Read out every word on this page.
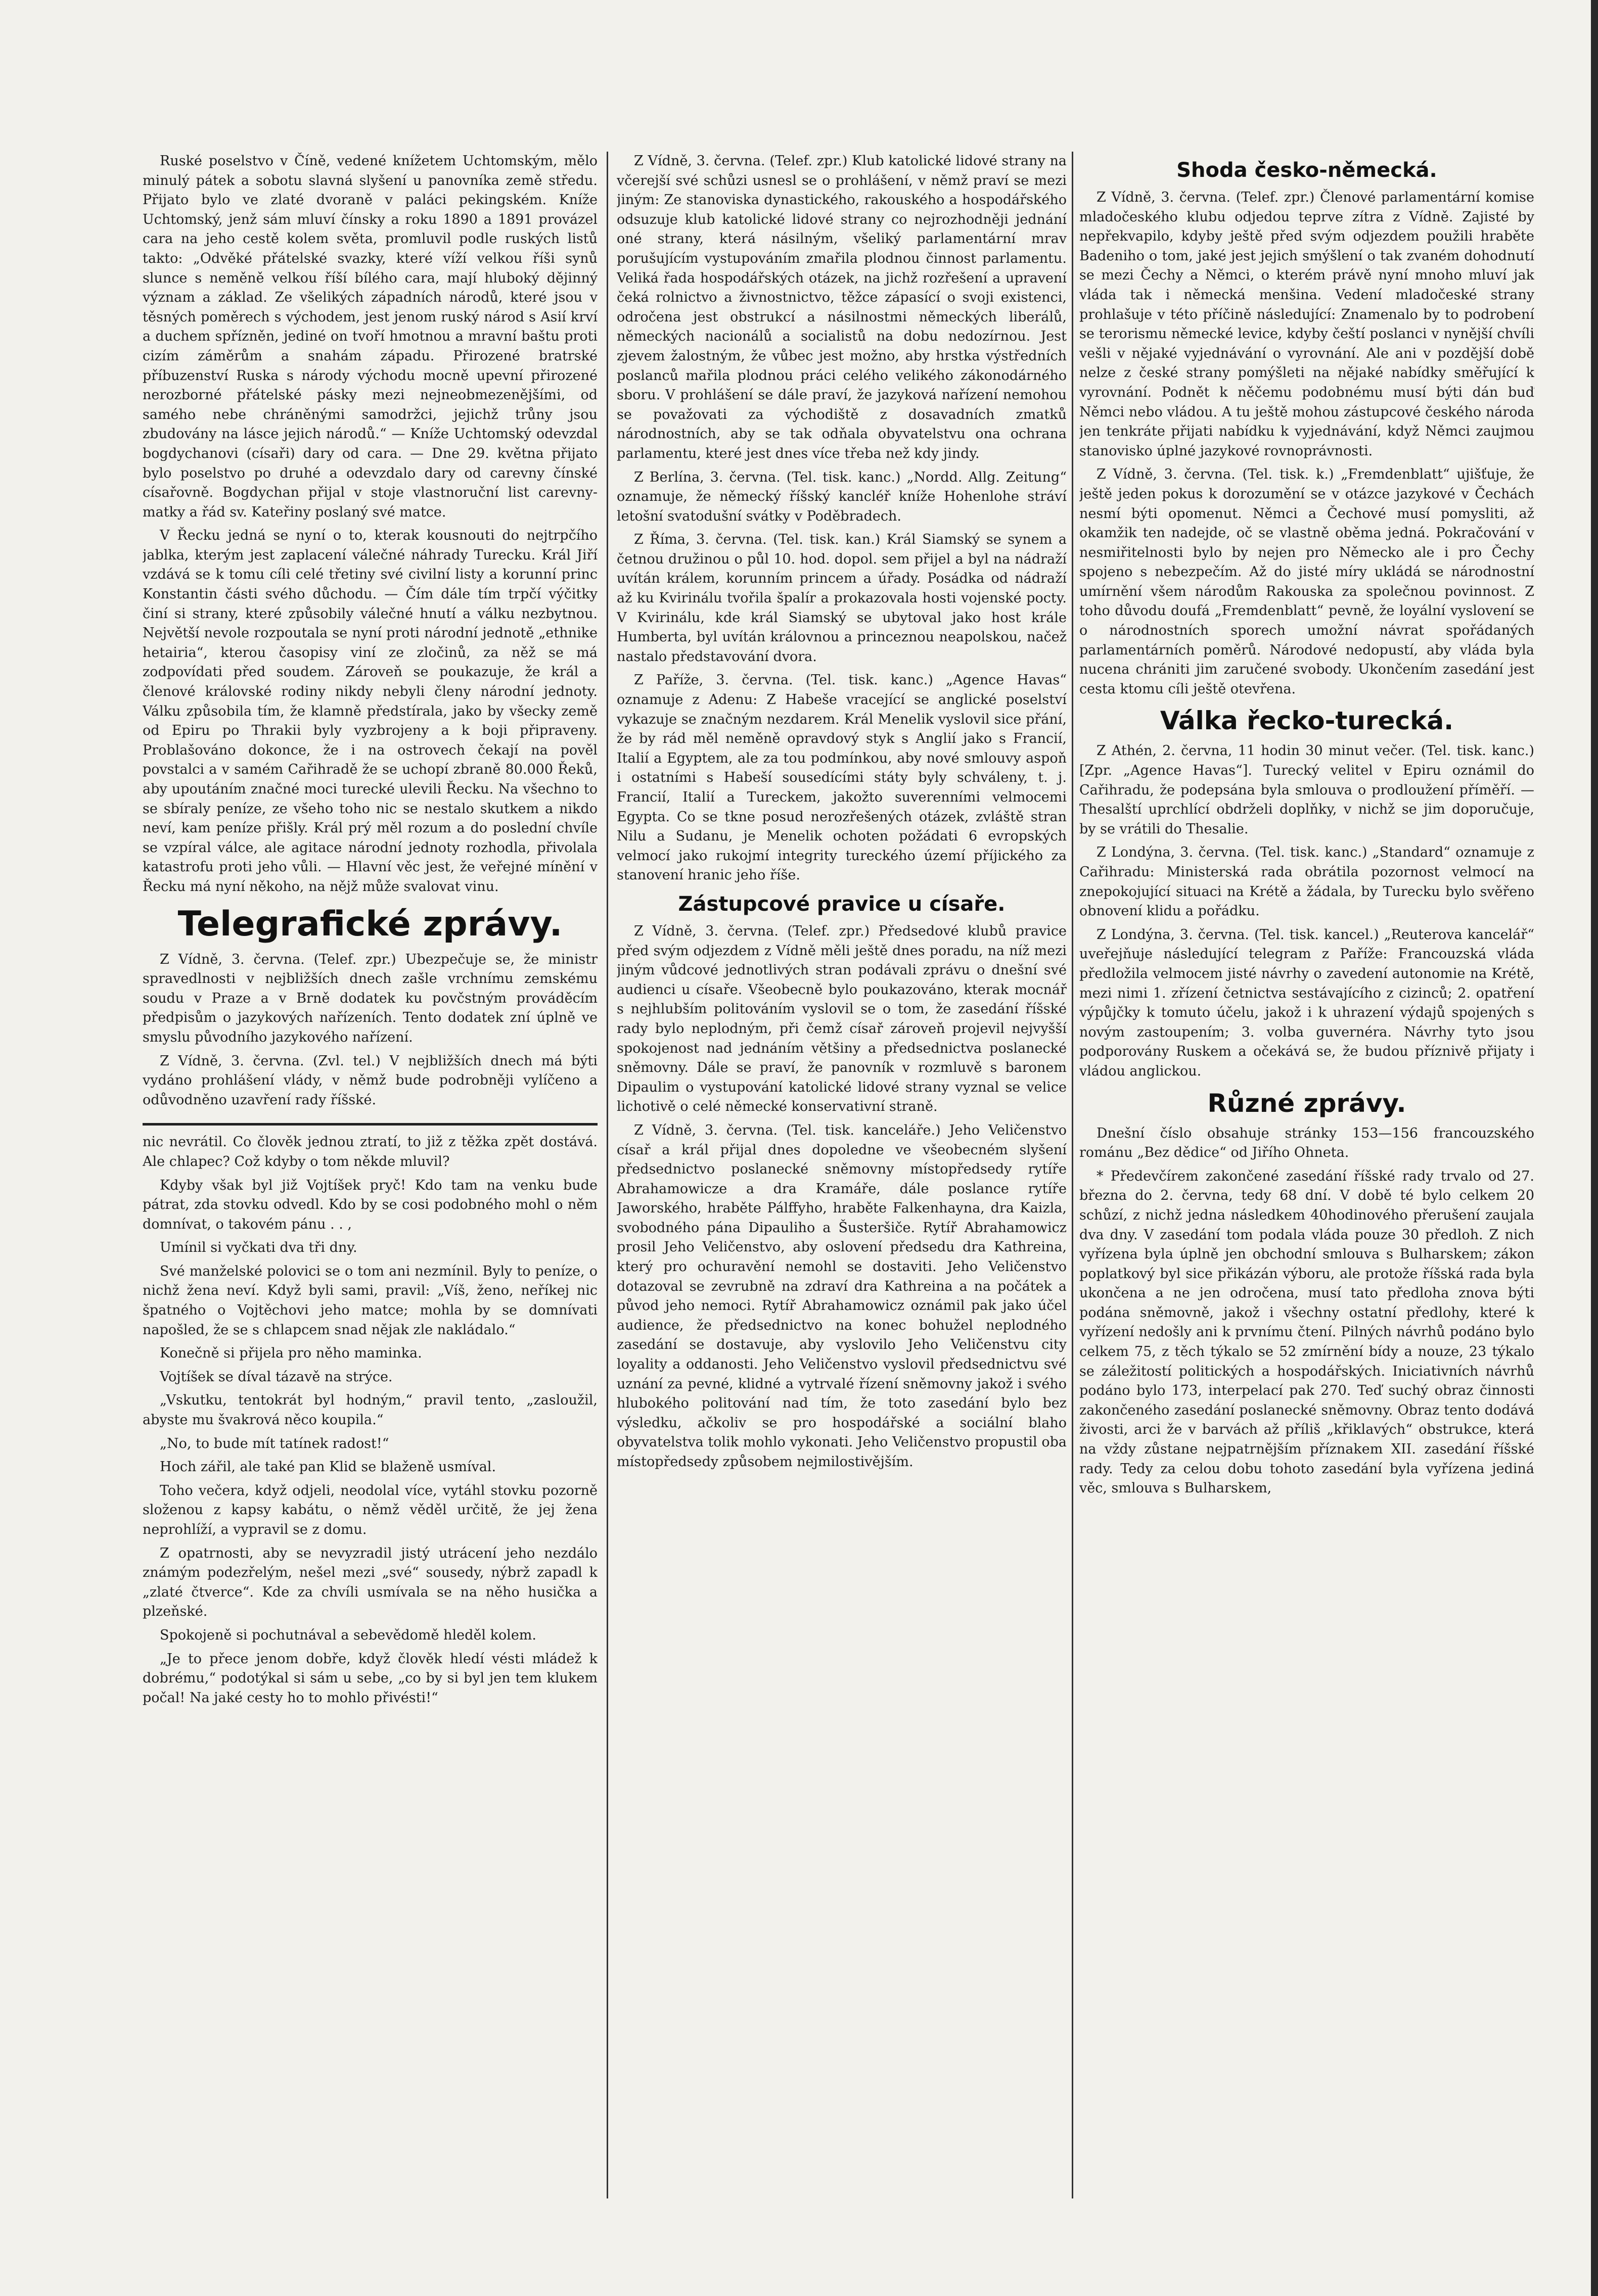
Ruské poselstvo v Číně, vedené knížetem Uchtomským, mělo minulý pátek a sobotu slavná slyšení u panovníka země středu. Přijato bylo ve zlaté dvoraně v paláci pekingském. Kníže Uchtomský, jenž sám mluví čínsky a roku 1890 a 1891 provázel cara na jeho cestě kolem světa, promluvil podle ruských listů takto: „Odvěké přátelské svazky, které víží velkou říši synů slunce s neměně velkou říší bílého cara, mají hluboký dějinný význam a základ. Ze všelikých západních národů, které jsou v těsných poměrech s východem, jest jenom ruský národ s Asií krví a duchem spřízněn, jediné on tvoří hmotnou a mravní baštu proti cizím záměrům a snahám západu. Přirozené bratrské příbuzenství Ruska s národy východu mocně upevní přirozené nerozborné přátelské pásky mezi nejneobmezenějšími, od samého nebe chráněnými samodržci, jejichž trůny jsou zbudovány na lásce jejich národů.“ — Kníže Uchtomský odevzdal bogdychanovi (císaři) dary od cara. — Dne 29. května přijato bylo poselstvo po druhé a odevzdalo dary od carevny čínské císařovně. Bogdychan přijal v stoje vlastnoruční list carevny-matky a řád sv. Kateřiny poslaný své matce.

V Řecku jedná se nyní o to, kterak kousnouti do nejtrpčího jablka, kterým jest zaplacení válečné náhrady Turecku. Král Jiří vzdává se k tomu cíli celé třetiny své civilní listy a korunní princ Konstantin části svého důchodu. — Čím dále tím trpčí výčitky činí si strany, které způsobily válečné hnutí a válku nezbytnou. Největší nevole rozpoutala se nyní proti národní jednotě „ethnike hetairia“, kterou časopisy viní ze zločinů, za něž se má zodpovídati před soudem. Zároveň se poukazuje, že král a členové královské rodiny nikdy nebyli členy národní jednoty. Válku způsobila tím, že klamně předstírala, jako by všecky země od Epiru po Thrakii byly vyzbrojeny a k boji připraveny. Problašováno dokonce, že i na ostrovech čekají na pověl povstalci a v samém Cařihradě že se uchopí zbraně 80.000 Řeků, aby upoutáním značné moci turecké ulevili Řecku. Na všechno to se sbíraly peníze, ze všeho toho nic se nestalo skutkem a nikdo neví, kam peníze přišly. Král prý měl rozum a do poslední chvíle se vzpíral válce, ale agitace národní jednoty rozhodla, přivolala katastrofu proti jeho vůli. — Hlavní věc jest, že veřejné mínění v Řecku má nyní někoho, na nějž může svalovat vinu.

Telegrafické zprávy.

Z Vídně, 3. června. (Telef. zpr.) Ubezpečuje se, že ministr spravedlnosti v nejbližších dnech zašle vrchnímu zemskému soudu v Praze a v Brně dodatek ku povčstným prováděcím předpisům o jazykových nařízeních. Tento dodatek zní úplně ve smyslu původního jazykového nařízení.

Z Vídně, 3. června. (Zvl. tel.) V nejbližších dnech má býti vydáno prohlášení vlády, v němž bude podrobněji vylíčeno a odůvodněno uzavření rady říšské.

nic nevrátil. Co člověk jednou ztratí, to již z těžka zpět dostává. Ale chlapec? Což kdyby o tom někde mluvil?

Kdyby však byl již Vojtíšek pryč! Kdo tam na venku bude pátrat, zda stovku odvedl. Kdo by se cosi podobného mohl o něm domnívat, o takovém pánu . . ,

Umínil si vyčkati dva tři dny.

Své manželské polovici se o tom ani nezmínil. Byly to peníze, o nichž žena neví. Když byli sami, pravil: „Víš, ženo, neříkej nic špatného o Vojtěchovi jeho matce; mohla by se domnívati napošled, že se s chlapcem snad nějak zle nakládalo.“

Konečně si přijela pro něho maminka.

Vojtíšek se díval tázavě na strýce.

„Vskutku, tentokrát byl hodným,“ pravil tento, „zasloužil, abyste mu švakrová něco koupila.“

„No, to bude mít tatínek radost!“

Hoch zářil, ale také pan Klid se blaženě usmíval.

Toho večera, když odjeli, neodolal více, vytáhl stovku pozorně složenou z kapsy kabátu, o němž věděl určitě, že jej žena neprohlíží, a vypravil se z domu.

Z opatrnosti, aby se nevyzradil jistý utrácení jeho nezdálo známým podezřelým, nešel mezi „své“ sousedy, nýbrž zapadl k „zlaté čtverce“. Kde za chvíli usmívala se na něho husička a plzeňské.

Spokojeně si pochutnával a sebevědomě hleděl kolem.

„Je to přece jenom dobře, když člověk hledí vésti mládež k dobrému,“ podotýkal si sám u sebe, „co by si byl jen tem klukem počal! Na jaké cesty ho to mohlo přivésti!“

Z Vídně, 3. června. (Telef. zpr.) Klub katolické lidové strany na včerejší své schůzi usnesl se o prohlášení, v němž praví se mezi jiným: Ze stanoviska dynastického, rakouského a hospodářského odsuzuje klub katolické lidové strany co nejrozhodněji jednání oné strany, která násilným, všeliký parlamentární mrav porušujícím vystupováním zmařila plodnou činnost parlamentu. Veliká řada hospodářských otázek, na jichž rozřešení a upravení čeká rolnictvo a živnostnictvo, těžce zápasící o svoji existenci, odročena jest obstrukcí a násilnostmi německých liberálů, německých nacionálů a socialistů na dobu nedozírnou. Jest zjevem žalostným, že vůbec jest možno, aby hrstka výstředních poslanců mařila plodnou práci celého velikého zákonodárného sboru. V prohlášení se dále praví, že jazyková nařízení nemohou se považovati za východiště z dosavadních zmatků národnostních, aby se tak odňala obyvatelstvu ona ochrana parlamentu, které jest dnes více třeba než kdy jindy.

Z Berlína, 3. června. (Tel. tisk. kanc.) „Nordd. Allg. Zeitung“ oznamuje, že německý říšský kancléř kníže Hohenlohe stráví letošní svatodušní svátky v Poděbradech.

Z Říma, 3. června. (Tel. tisk. kan.) Král Siamský se synem a četnou družinou o půl 10. hod. dopol. sem přijel a byl na nádraží uvítán králem, korunním princem a úřady. Posádka od nádraží až ku Kvirinálu tvořila špalír a prokazovala hosti vojenské pocty. V Kvirinálu, kde král Siamský se ubytoval jako host krále Humberta, byl uvítán královnou a princeznou neapolskou, načež nastalo představování dvora.

Z Paříže, 3. června. (Tel. tisk. kanc.) „Agence Havas“ oznamuje z Adenu: Z Habeše vracející se anglické poselství vykazuje se značným nezdarem. Král Menelik vyslovil sice přání, že by rád měl neměně opravdový styk s Anglií jako s Francií, Italií a Egyptem, ale za tou podmínkou, aby nové smlouvy aspoň i ostatními s Habeší sousedícími státy byly schváleny, t. j. Francií, Italií a Tureckem, jakožto suverenními velmocemi Egypta. Co se tkne posud nerozřešených otázek, zvláště stran Nilu a Sudanu, je Menelik ochoten požádati 6 evropských velmocí jako rukojmí integrity tureckého území příjického za stanovení hranic jeho říše.

Zástupcové pravice u císaře.

Z Vídně, 3. června. (Telef. zpr.) Předsedové klubů pravice před svým odjezdem z Vídně měli ještě dnes poradu, na níž mezi jiným vůdcové jednotlivých stran podávali zprávu o dnešní své audienci u císaře. Všeobecně bylo poukazováno, kterak mocnář s nejhlubším politováním vyslovil se o tom, že zasedání říšské rady bylo neplodným, při čemž císař zároveň projevil nejvyšší spokojenost nad jednáním většiny a předsednictva poslanecké sněmovny. Dále se praví, že panovník v rozmluvě s baronem Dipaulim o vystupování katolické lidové strany vyznal se velice lichotivě o celé německé konservativní straně.

Z Vídně, 3. června. (Tel. tisk. kanceláře.) Jeho Veličenstvo císař a král přijal dnes dopoledne ve všeobecném slyšení předsednictvo poslanecké sněmovny místopředsedy rytíře Abrahamowicze a dra Kramáře, dále poslance rytíře Jaworského, hraběte Pálffyho, hraběte Falkenhayna, dra Kaizla, svobodného pána Dipauliho a Šusteršiče. Rytíř Abrahamowicz prosil Jeho Veličenstvo, aby oslovení předsedu dra Kathreina, který pro ochuravění nemohl se dostaviti. Jeho Veličenstvo dotazoval se zevrubně na zdraví dra Kathreina a na počátek a původ jeho nemoci. Rytíř Abrahamowicz oznámil pak jako účel audience, že předsednictvo na konec bohužel neplodného zasedání se dostavuje, aby vyslovilo Jeho Veličenstvu city loyality a oddanosti. Jeho Veličenstvo vyslovil předsednictvu své uznání za pevné, klidné a vytrvalé řízení sněmovny jakož i svého hlubokého politování nad tím, že toto zasedání bylo bez výsledku, ačkoliv se pro hospodářské a sociální blaho obyvatelstva tolik mohlo vykonati. Jeho Veličenstvo propustil oba místopředsedy způsobem nejmilostivějším.

Shoda česko-německá.

Z Vídně, 3. června. (Telef. zpr.) Členové parlamentární komise mladočeského klubu odjedou teprve zítra z Vídně. Zajisté by nepřekvapilo, kdyby ještě před svým odjezdem použili hraběte Badeniho o tom, jaké jest jejich smýšlení o tak zvaném dohodnutí se mezi Čechy a Němci, o kterém právě nyní mnoho mluví jak vláda tak i německá menšina. Vedení mladočeské strany prohlašuje v této příčině následující: Znamenalo by to podrobení se terorismu německé levice, kdyby čeští poslanci v nynější chvíli vešli v nějaké vyjednávání o vyrovnání. Ale ani v pozdější době nelze z české strany pomýšleti na nějaké nabídky směřující k vyrovnání. Podnět k něčemu podobnému musí býti dán buď Němci nebo vládou. A tu ještě mohou zástupcové českého národa jen tenkráte přijati nabídku k vyjednávání, když Němci zaujmou stanovisko úplné jazykové rovnoprávnosti.

Z Vídně, 3. června. (Tel. tisk. k.) „Fremdenblatt“ ujišťuje, že ještě jeden pokus k dorozumění se v otázce jazykové v Čechách nesmí býti opomenut. Němci a Čechové musí pomysliti, až okamžik ten nadejde, oč se vlastně oběma jedná. Pokračování v nesmiřitelnosti bylo by nejen pro Německo ale i pro Čechy spojeno s nebezpečím. Až do jisté míry ukládá se národnostní umírnění všem národům Rakouska za společnou povinnost. Z toho důvodu doufá „Fremdenblatt“ pevně, že loyální vyslovení se o národnostních sporech umožní návrat spořádaných parlamentárních poměrů. Národové nedopustí, aby vláda byla nucena chrániti jim zaručené svobody. Ukončením zasedání jest cesta ktomu cíli ještě otevřena.

Válka řecko-turecká.

Z Athén, 2. června, 11 hodin 30 minut večer. (Tel. tisk. kanc.) [Zpr. „Agence Havas“]. Turecký velitel v Epiru oznámil do Cařihradu, že podepsána byla smlouva o prodloužení příměří. — Thesalští uprchlící obdrželi doplňky, v nichž se jim doporučuje, by se vrátili do Thesalie.

Z Londýna, 3. června. (Tel. tisk. kanc.) „Standard“ oznamuje z Cařihradu: Ministerská rada obrátila pozornost velmocí na znepokojující situaci na Krétě a žádala, by Turecku bylo svěřeno obnovení klidu a pořádku.

Z Londýna, 3. června. (Tel. tisk. kancel.) „Reuterova kancelář“ uveřejňuje následující telegram z Paříže: Francouzská vláda předložila velmocem jisté návrhy o zavedení autonomie na Krétě, mezi nimi 1. zřízení četnictva sestávajícího z cizinců; 2. opatření výpůjčky k tomuto účelu, jakož i k uhrazení výdajů spojených s novým zastoupením; 3. volba guvernéra. Návrhy tyto jsou podporovány Ruskem a očekává se, že budou příznivě přijaty i vládou anglickou.

Různé zprávy.

Dnešní číslo obsahuje stránky 153—156 francouzského románu „Bez dědice“ od Jiřího Ohneta.

* Předevčírem zakončené zasedání říšské rady trvalo od 27. března do 2. června, tedy 68 dní. V době té bylo celkem 20 schůzí, z nichž jedna následkem 40hodinového přerušení zaujala dva dny. V zasedání tom podala vláda pouze 30 předloh. Z nich vyřízena byla úplně jen obchodní smlouva s Bulharskem; zákon poplatkový byl sice přikázán výboru, ale protože říšská rada byla ukončena a ne jen odročena, musí tato předloha znova býti podána sněmovně, jakož i všechny ostatní předlohy, které k vyřízení nedošly ani k prvnímu čtení. Pilných návrhů podáno bylo celkem 75, z těch týkalo se 52 zmírnění bídy a nouze, 23 týkalo se záležitostí politických a hospodářských. Iniciativních návrhů podáno bylo 173, interpelací pak 270. Teď suchý obraz činnosti zakončeného zasedání poslanecké sněmovny. Obraz tento dodává živosti, arci že v barvách až příliš „křiklavých“ obstrukce, která na vždy zůstane nejpatrnějším příznakem XII. zasedání říšské rady. Tedy za celou dobu tohoto zasedání byla vyřízena jediná věc, smlouva s Bulharskem,
